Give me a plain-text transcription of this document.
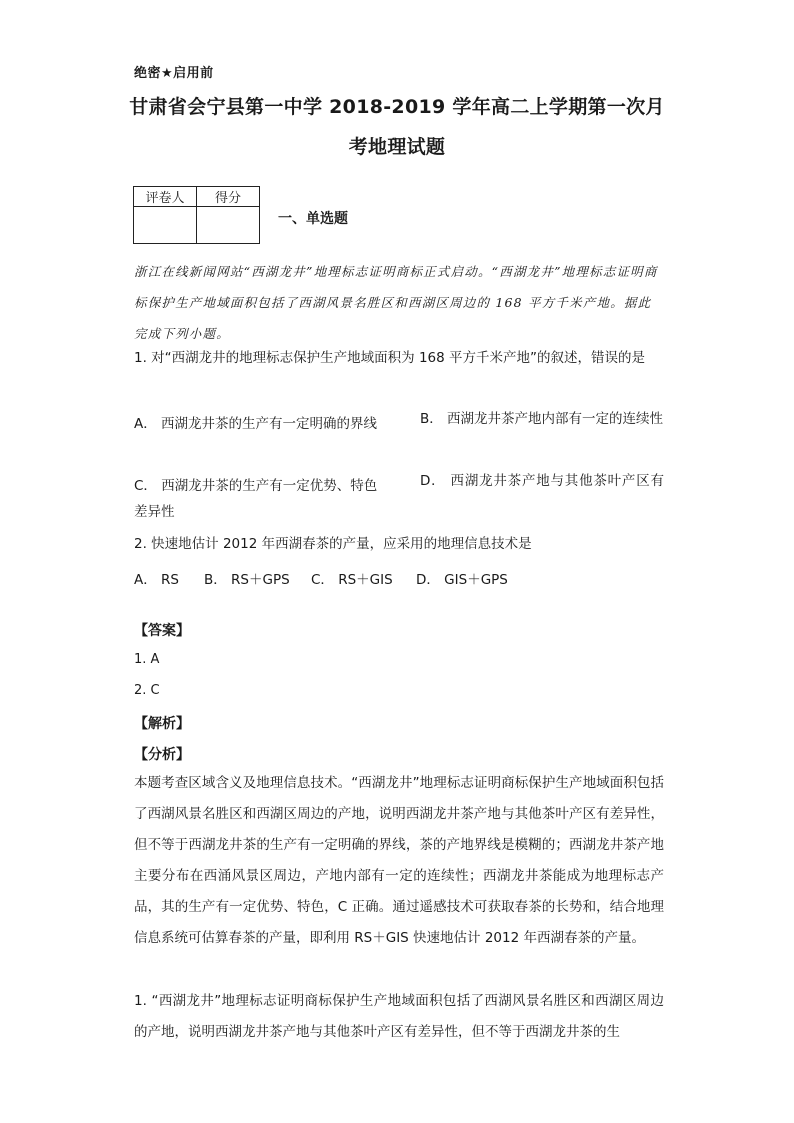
绝密★启用前
甘肃省会宁县第一中学 2018-2019 学年高二上学期第一次月
考地理试题
评卷人	得分

一、单选题
浙江在线新闻网站“西湖龙井”地理标志证明商标正式启动。“西湖龙井”地理标志证明商标保护生产地域面积包括了西湖风景名胜区和西湖区周边的 168 平方千米产地。据此完成下列小题。
1. 对“西湖龙井的地理标志保护生产地域面积为 168 平方千米产地”的叙述，错误的是
A． 西湖龙井茶的生产有一定明确的界线	B． 西湖龙井茶产地内部有一定的连续性
C． 西湖龙井茶的生产有一定优势、特色	D． 西湖龙井茶产地与其他茶叶产区有差异性
2. 快速地估计 2012 年西湖春茶的产量，应采用的地理信息技术是
A． RS B． RS＋GPS C． RS＋GIS D． GIS＋GPS
【答案】
1. A
2. C
【解析】
【分析】
本题考查区域含义及地理信息技术。“西湖龙井”地理标志证明商标保护生产地域面积包括了西湖风景名胜区和西湖区周边的产地，说明西湖龙井茶产地与其他茶叶产区有差异性，但不等于西湖龙井茶的生产有一定明确的界线，茶的产地界线是模糊的；西湖龙井茶产地主要分布在西涌风景区周边，产地内部有一定的连续性；西湖龙井茶能成为地理标志产品，其的生产有一定优势、特色，C 正确。通过遥感技术可获取春茶的长势和，结合地理信息系统可估算春茶的产量，即利用 RS＋GIS 快速地估计 2012 年西湖春茶的产量。
1. “西湖龙井”地理标志证明商标保护生产地域面积包括了西湖风景名胜区和西湖区周边的产地，说明西湖龙井茶产地与其他茶叶产区有差异性，但不等于西湖龙井茶的生
